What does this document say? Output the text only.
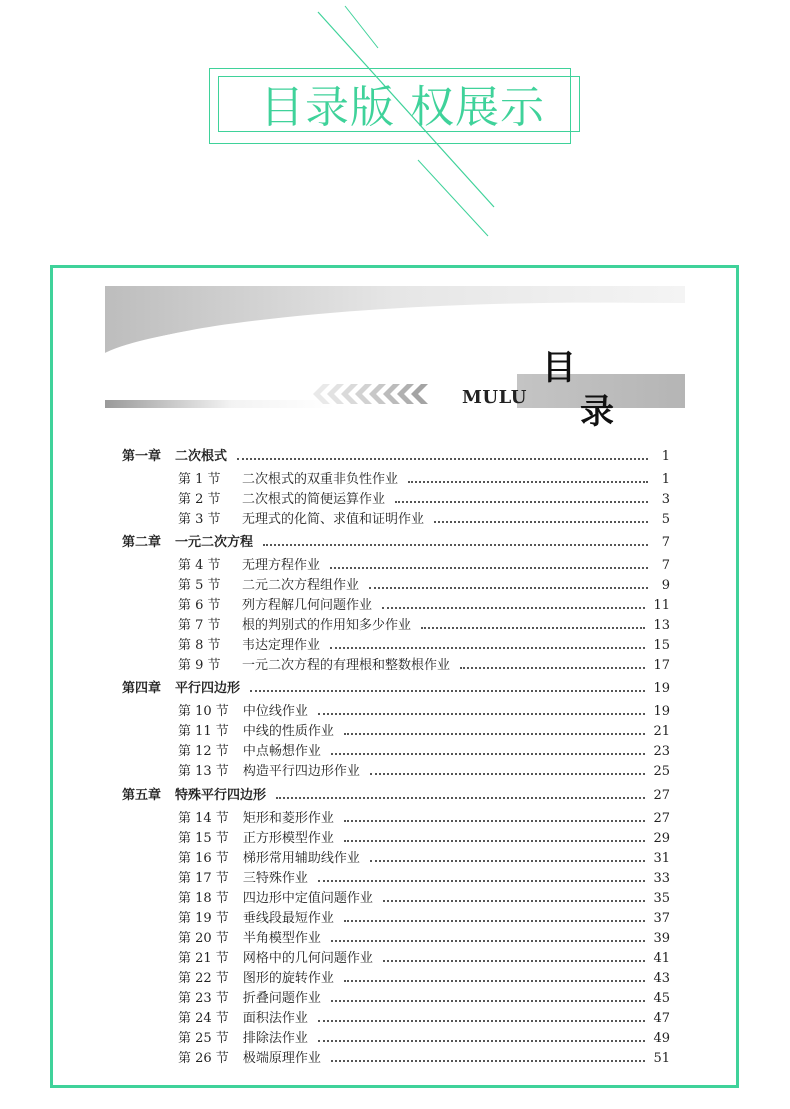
目录版 权展示
MULU
目
录
第一章	二次根式	1
第 1 节	二次根式的双重非负性作业	1
第 2 节	二次根式的简便运算作业	3
第 3 节	无理式的化简、求值和证明作业	5
第二章	一元二次方程	7
第 4 节	无理方程作业	7
第 5 节	二元二次方程组作业	9
第 6 节	列方程解几何问题作业	11
第 7 节	根的判别式的作用知多少作业	13
第 8 节	韦达定理作业	15
第 9 节	一元二次方程的有理根和整数根作业	17
第四章	平行四边形	19
第 10 节	中位线作业	19
第 11 节	中线的性质作业	21
第 12 节	中点畅想作业	23
第 13 节	构造平行四边形作业	25
第五章	特殊平行四边形	27
第 14 节	矩形和菱形作业	27
第 15 节	正方形模型作业	29
第 16 节	梯形常用辅助线作业	31
第 17 节	三特殊作业	33
第 18 节	四边形中定值问题作业	35
第 19 节	垂线段最短作业	37
第 20 节	半角模型作业	39
第 21 节	网格中的几何问题作业	41
第 22 节	图形的旋转作业	43
第 23 节	折叠问题作业	45
第 24 节	面积法作业	47
第 25 节	排除法作业	49
第 26 节	极端原理作业	51
